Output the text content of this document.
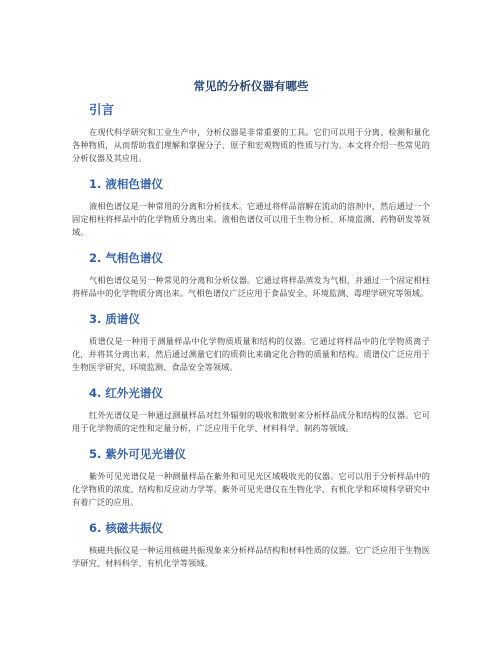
常见的分析仪器有哪些
引言
在现代科学研究和工业生产中，分析仪器是非常重要的工具。它们可以用于分离、检测和量化各种物质，从而帮助我们理解和掌握分子、原子和宏观物质的性质与行为。本文将介绍一些常见的分析仪器及其应用。
1. 液相色谱仪
液相色谱仪是一种常用的分离和分析技术。它通过将样品溶解在流动的溶剂中，然后通过一个固定相柱将样品中的化学物质分离出来。液相色谱仪可以用于生物分析、环境监测、药物研发等领域。
2. 气相色谱仪
气相色谱仪是另一种常见的分离和分析仪器。它通过将样品蒸发为气相，并通过一个固定相柱将样品中的化学物质分离出来。气相色谱仪广泛应用于食品安全、环境监测、毒理学研究等领域。
3. 质谱仪
质谱仪是一种用于测量样品中化学物质质量和结构的仪器。它通过将样品中的化学物质离子化，并将其分离出来，然后通过测量它们的质荷比来确定化合物的质量和结构。质谱仪广泛应用于生物医学研究、环境监测、食品安全等领域。
4. 红外光谱仪
红外光谱仪是一种通过测量样品对红外辐射的吸收和散射来分析样品成分和结构的仪器。它可用于化学物质的定性和定量分析，广泛应用于化学、材料科学、制药等领域。
5. 紫外可见光谱仪
紫外可见光谱仪是一种测量样品在紫外和可见光区域吸收光的仪器。它可以用于分析样品中的化学物质的浓度、结构和反应动力学等。紫外可见光谱仪在生物化学、有机化学和环境科学研究中有着广泛的应用。
6. 核磁共振仪
核磁共振仪是一种运用核磁共振现象来分析样品结构和材料性质的仪器。它广泛应用于生物医学研究、材料科学、有机化学等领域。
